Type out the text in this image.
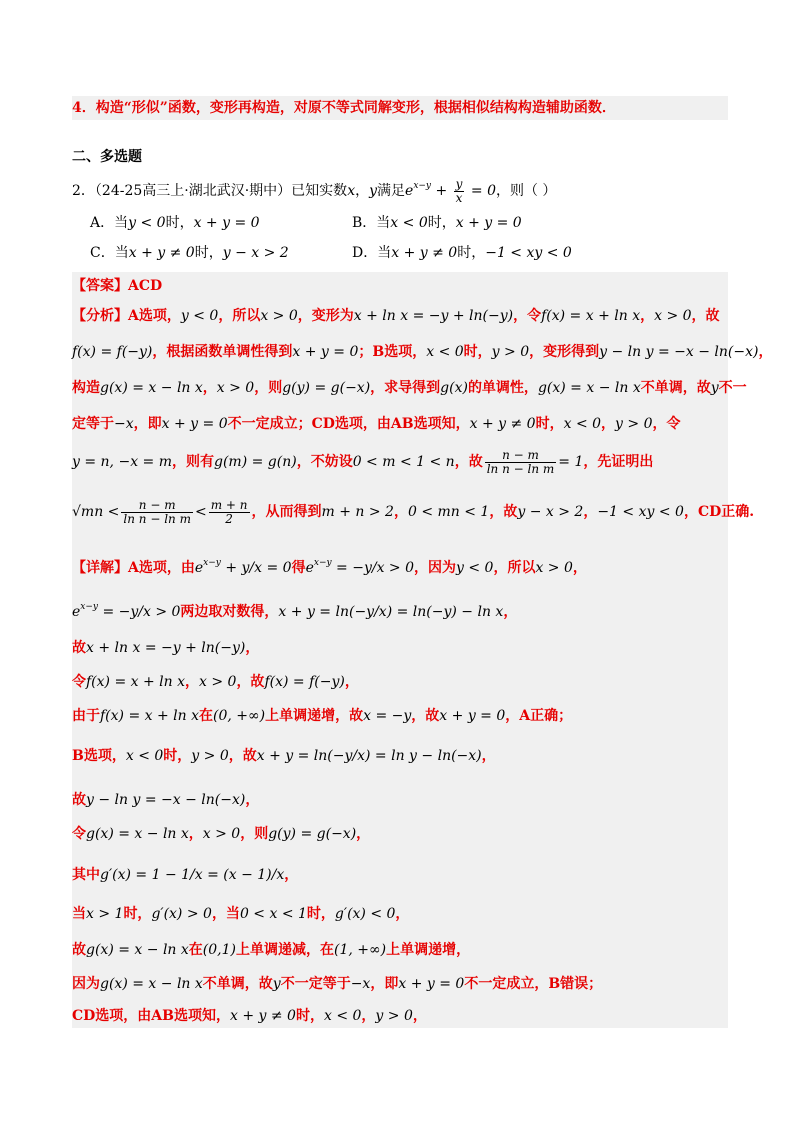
4．构造“形似”函数，变形再构造，对原不等式同解变形，根据相似结构构造辅助函数．
二、多选题
2．（24-25高三上·湖北武汉·期中）已知实数x，y满足$e^{x-y} + \frac{y}{x} = 0$，则（ ）
A．当y < 0时，x + y = 0	B．当x < 0时，x + y = 0
C．当x + y ≠ 0时，y − x > 2	D．当x + y ≠ 0时，−1 < xy < 0
【答案】ACD
【分析】A选项，y < 0，所以x > 0，变形为x + ln x = −y + ln(−y)，令f(x) = x + ln x，x > 0，故
f(x) = f(−y)，根据函数单调性得到x + y = 0；B选项，x < 0时，y > 0，变形得到y − ln y = −x − ln(−x)，
构造g(x) = x − ln x，x > 0，则g(y) = g(−x)，求导得到g(x)的单调性，g(x) = x − ln x不单调，故y不一
定等于−x，即x + y = 0不一定成立；CD选项，由AB选项知，x + y ≠ 0时，x < 0，y > 0，令
y = n, −x = m，则有g(m) = g(n)，不妨设0 < m < 1 < n，故 $\frac{n - m}{\text{ln n − ln m}} = 1$，先证明出
$√mn < \frac{n - m}{\text{ln n − ln m}} < \frac{m + n}{2}$ ，从而得到m + n > 2，0 < mn < 1，故y − x > 2，−1 < xy < 0，CD正确.
【详解】A选项，由$e^{x-y} + y/x = 0$得$e^{x-y} = -y/x > 0$，因为y < 0，所以x > 0，
$e^{x-y} = -y/x > 0$两边取对数得，x + y = ln(−y/x) = ln(−y) − ln x，
故x + ln x = −y + ln(−y)，
令f(x) = x + ln x，x > 0，故f(x) = f(−y)，
由于f(x) = x + ln x在(0, +∞)上单调递增，故x = −y，故x + y = 0，A正确；
B选项，x < 0时，y > 0，故x + y = ln(−y/x) = ln y − ln(−x)，
故y − ln y = −x − ln(−x)，
令g(x) = x − ln x，x > 0，则g(y) = g(−x)，
其中g′(x) = 1 − 1/x = (x − 1)/x，
当x > 1时，g′(x) > 0，当0 < x < 1时，g′(x) < 0，
故g(x) = x − ln x在(0,1)上单调递减，在(1, +∞)上单调递增，
因为g(x) = x − ln x不单调，故y不一定等于−x，即x + y = 0不一定成立，B错误；
CD选项，由AB选项知，x + y ≠ 0时，x < 0，y > 0，
